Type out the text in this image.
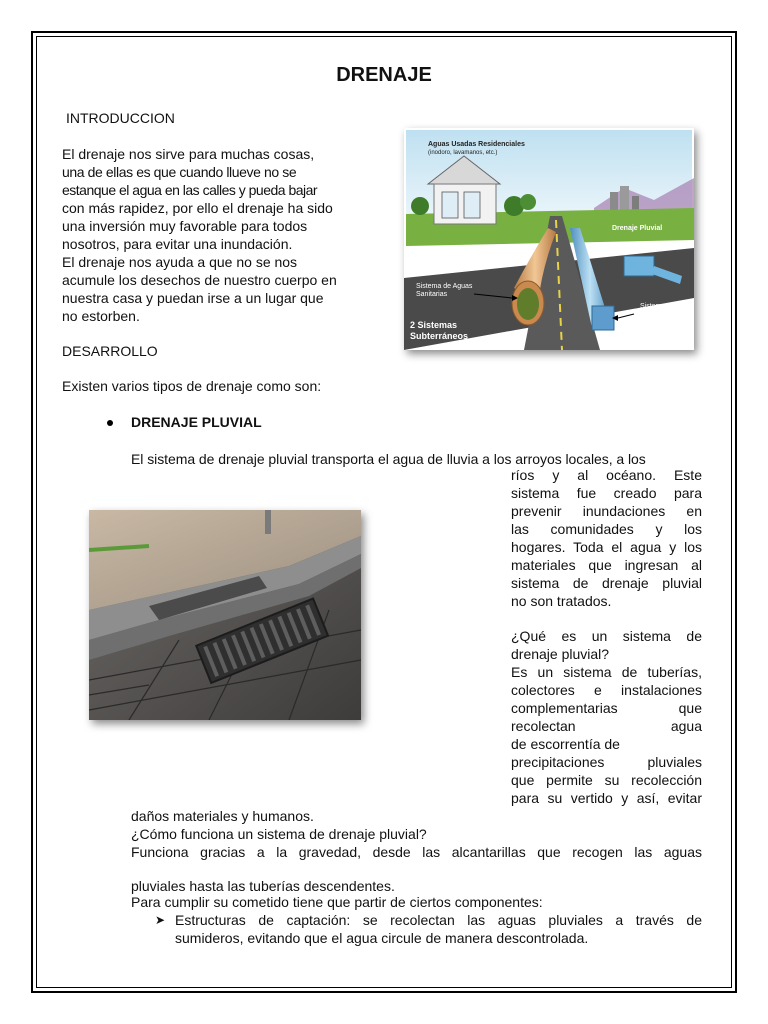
DRENAJE
INTRODUCCION
El drenaje nos sirve para muchas cosas,
una de ellas es que cuando llueve no se
estanque el agua en las calles y pueda bajar
con más rapidez, por ello el drenaje ha sido
una inversión muy favorable para todos
nosotros, para evitar una inundación.
El drenaje nos ayuda a que no se nos
acumule los desechos de nuestro cuerpo en
nuestra casa y puedan irse a un lugar que
no estorben.
DESARROLLO
Existen varios tipos de drenaje como son:
DRENAJE PLUVIAL
El sistema de drenaje pluvial transporta el agua de lluvia a los arroyos locales, a los
ríos y al océano. Este
sistema fue creado para
prevenir inundaciones en
las comunidades y los
hogares. Toda el agua y los
materiales que ingresan al
sistema de drenaje pluvial
no son tratados.
¿Qué es un sistema de
drenaje pluvial?
Es un sistema de tuberías,
colectores e instalaciones
complementarias que
recolectan agua
de escorrentía de
precipitaciones pluviales
que permite su recolección
para su vertido y así, evitar
daños materiales y humanos.
¿Cómo funciona un sistema de drenaje pluvial?
Funciona gracias a la gravedad, desde las alcantarillas que recogen las aguas
pluviales hasta las tuberías descendentes.
Para cumplir su cometido tiene que partir de ciertos componentes:
➤ Estructuras de captación: se recolectan las aguas pluviales a través de
sumideros, evitando que el agua circule de manera descontrolada.
Aguas Usadas Residenciales
(inodoro, lavamanos, etc.)
Drenaje Pluvial
Sistema de Aguas
Sanitarias
Sistema de
Aguas Pluviales
2 Sistemas
Subterráneos
